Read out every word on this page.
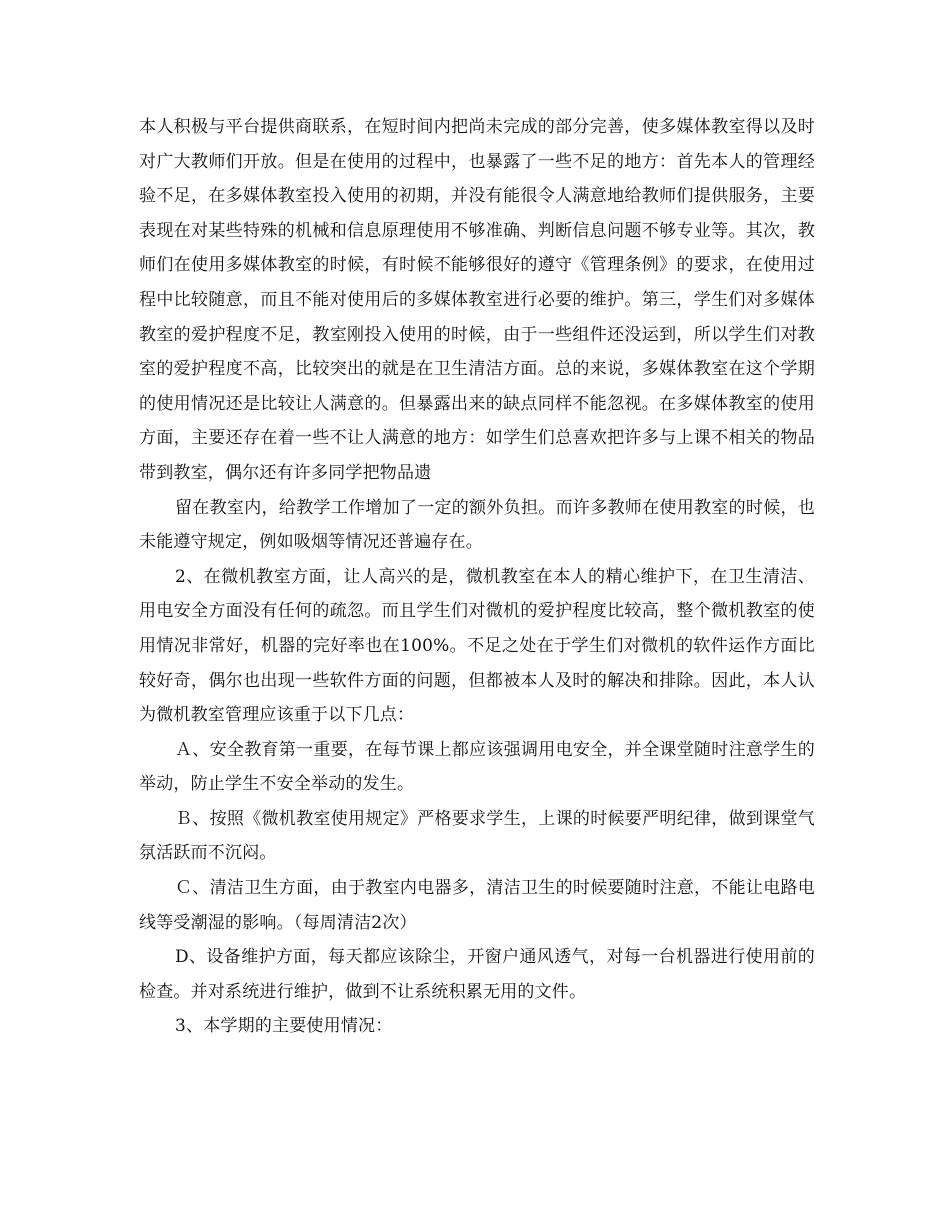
本人积极与平台提供商联系，在短时间内把尚未完成的部分完善，使多媒体教室得以及时对广大教师们开放。但是在使用的过程中，也暴露了一些不足的地方：首先本人的管理经验不足，在多媒体教室投入使用的初期，并没有能很令人满意地给教师们提供服务，主要表现在对某些特殊的机械和信息原理使用不够准确、判断信息问题不够专业等。其次，教师们在使用多媒体教室的时候，有时候不能够很好的遵守《管理条例》的要求，在使用过程中比较随意，而且不能对使用后的多媒体教室进行必要的维护。第三，学生们对多媒体教室的爱护程度不足，教室刚投入使用的时候，由于一些组件还没运到，所以学生们对教室的爱护程度不高，比较突出的就是在卫生清洁方面。总的来说，多媒体教室在这个学期的使用情况还是比较让人满意的。但暴露出来的缺点同样不能忽视。在多媒体教室的使用方面，主要还存在着一些不让人满意的地方：如学生们总喜欢把许多与上课不相关的物品带到教室，偶尔还有许多同学把物品遗

留在教室内，给教学工作增加了一定的额外负担。而许多教师在使用教室的时候，也未能遵守规定，例如吸烟等情况还普遍存在。

2、在微机教室方面，让人高兴的是，微机教室在本人的精心维护下，在卫生清洁、用电安全方面没有任何的疏忽。而且学生们对微机的爱护程度比较高，整个微机教室的使用情况非常好，机器的完好率也在100%。不足之处在于学生们对微机的软件运作方面比较好奇，偶尔也出现一些软件方面的问题，但都被本人及时的解决和排除。因此，本人认为微机教室管理应该重于以下几点：

Ａ、安全教育第一重要，在每节课上都应该强调用电安全，并全课堂随时注意学生的举动，防止学生不安全举动的发生。

Ｂ、按照《微机教室使用规定》严格要求学生，上课的时候要严明纪律，做到课堂气氛活跃而不沉闷。

Ｃ、清洁卫生方面，由于教室内电器多，清洁卫生的时候要随时注意，不能让电路电线等受潮湿的影响。（每周清洁2次）

D、设备维护方面，每天都应该除尘，开窗户通风透气，对每一台机器进行使用前的检查。并对系统进行维护，做到不让系统积累无用的文件。

3、本学期的主要使用情况：
